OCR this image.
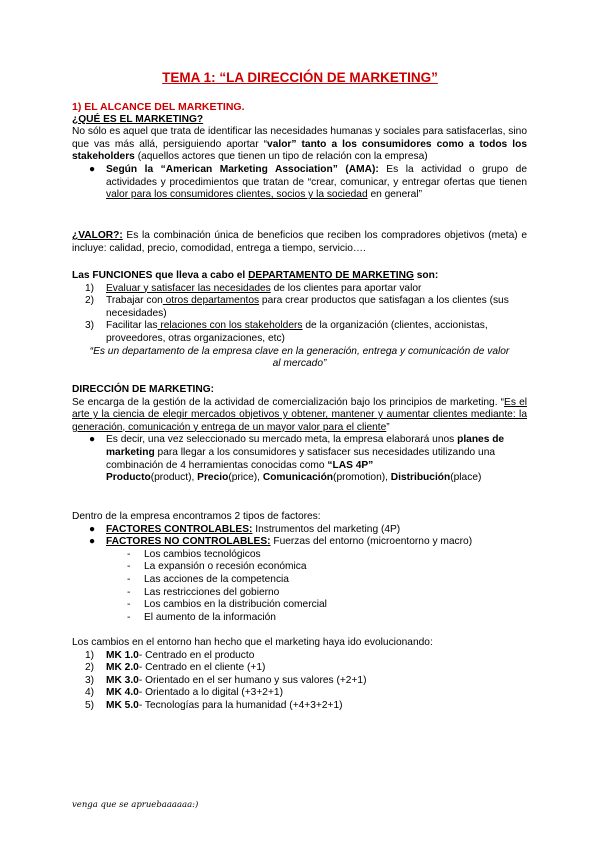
TEMA 1: “LA DIRECCIÓN DE MARKETING”
1) EL ALCANCE DEL MARKETING.
¿QUÉ ES EL MARKETING?
No sólo es aquel que trata de identificar las necesidades humanas y sociales para satisfacerlas, sino que vas más allá, persiguiendo aportar “valor” tanto a los consumidores como a todos los stakeholders (aquellos actores que tienen un tipo de relación con la empresa)
● Según la “American Marketing Association” (AMA): Es la actividad o grupo de actividades y procedimientos que tratan de “crear, comunicar, y entregar ofertas que tienen valor para los consumidores clientes, socios y la sociedad en general”
¿VALOR?: Es la combinación única de beneficios que reciben los compradores objetivos (meta) e incluye: calidad, precio, comodidad, entrega a tiempo, servicio….
Las FUNCIONES que lleva a cabo el DEPARTAMENTO DE MARKETING son:
1) Evaluar y satisfacer las necesidades de los clientes para aportar valor
2) Trabajar con otros departamentos para crear productos que satisfagan a los clientes (sus necesidades)
3) Facilitar las relaciones con los stakeholders de la organización (clientes, accionistas, proveedores, otras organizaciones, etc)
“Es un departamento de la empresa clave en la generación, entrega y comunicación de valor al mercado”
DIRECCIÓN DE MARKETING:
Se encarga de la gestión de la actividad de comercialización bajo los principios de marketing. “Es el arte y la ciencia de elegir mercados objetivos y obtener, mantener y aumentar clientes mediante: la generación, comunicación y entrega de un mayor valor para el cliente”
● Es decir, una vez seleccionado su mercado meta, la empresa elaborará unos planes de marketing para llegar a los consumidores y satisfacer sus necesidades utilizando una combinación de 4 herramientas conocidas como “LAS 4P”
Producto(product), Precio(price), Comunicación(promotion), Distribución(place)
Dentro de la empresa encontramos 2 tipos de factores:
● FACTORES CONTROLABLES: Instrumentos del marketing (4P)
● FACTORES NO CONTROLABLES: Fuerzas del entorno (microentorno y macro)
- Los cambios tecnológicos
- La expansión o recesión económica
- Las acciones de la competencia
- Las restricciones del gobierno
- Los cambios en la distribución comercial
- El aumento de la información
Los cambios en el entorno han hecho que el marketing haya ido evolucionando:
1) MK 1.0- Centrado en el producto
2) MK 2.0- Centrado en el cliente (+1)
3) MK 3.0- Orientado en el ser humano y sus valores (+2+1)
4) MK 4.0- Orientado a lo digital (+3+2+1)
5) MK 5.0- Tecnologías para la humanidad (+4+3+2+1)
venga que se apruebaaaaaa:)
